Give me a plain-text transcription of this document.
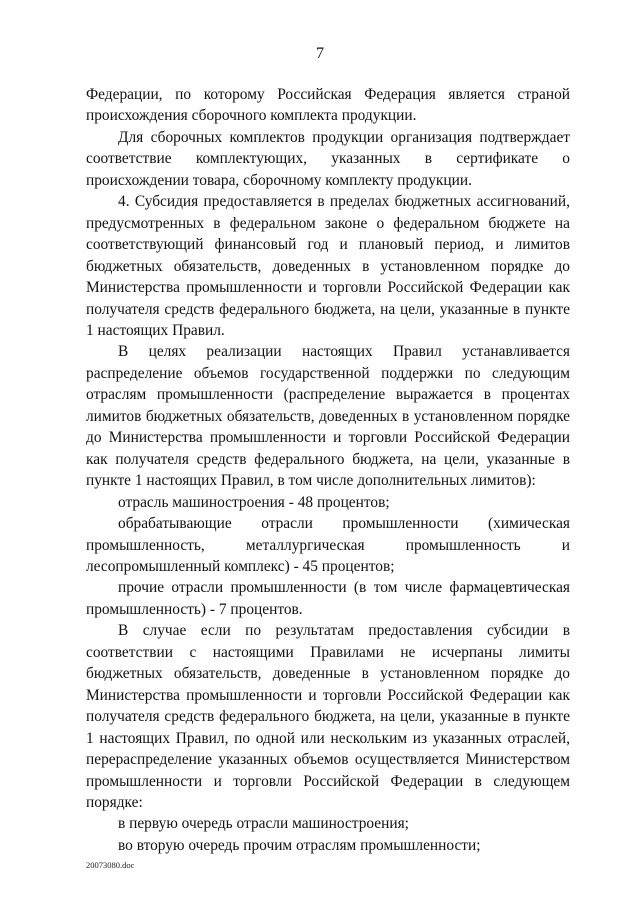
7

Федерации, по которому Российская Федерация является страной происхождения сборочного комплекта продукции.

Для сборочных комплектов продукции организация подтверждает соответствие комплектующих, указанных в сертификате о происхождении товара, сборочному комплекту продукции.

4. Субсидия предоставляется в пределах бюджетных ассигнований, предусмотренных в федеральном законе о федеральном бюджете на соответствующий финансовый год и плановый период, и лимитов бюджетных обязательств, доведенных в установленном порядке до Министерства промышленности и торговли Российской Федерации как получателя средств федерального бюджета, на цели, указанные в пункте 1 настоящих Правил.

В целях реализации настоящих Правил устанавливается распределение объемов государственной поддержки по следующим отраслям промышленности (распределение выражается в процентах лимитов бюджетных обязательств, доведенных в установленном порядке до Министерства промышленности и торговли Российской Федерации как получателя средств федерального бюджета, на цели, указанные в пункте 1 настоящих Правил, в том числе дополнительных лимитов):

отрасль машиностроения - 48 процентов;

обрабатывающие отрасли промышленности (химическая промышленность, металлургическая промышленность и лесопромышленный комплекс) - 45 процентов;

прочие отрасли промышленности (в том числе фармацевтическая промышленность) - 7 процентов.

В случае если по результатам предоставления субсидии в соответствии с настоящими Правилами не исчерпаны лимиты бюджетных обязательств, доведенные в установленном порядке до Министерства промышленности и торговли Российской Федерации как получателя средств федерального бюджета, на цели, указанные в пункте 1 настоящих Правил, по одной или нескольким из указанных отраслей, перераспределение указанных объемов осуществляется Министерством промышленности и торговли Российской Федерации в следующем порядке:

в первую очередь отрасли машиностроения;

во вторую очередь прочим отраслям промышленности;

20073080.doc
